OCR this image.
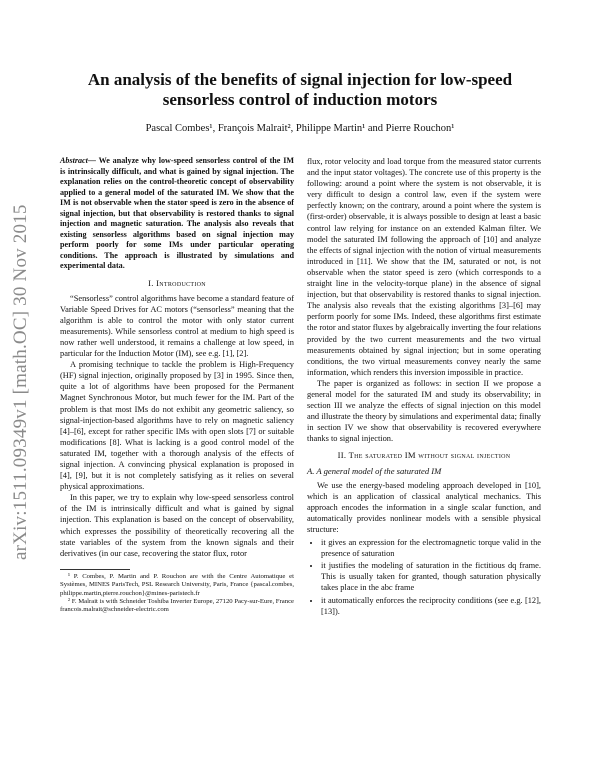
arXiv:1511.09349v1 [math.OC] 30 Nov 2015
An analysis of the benefits of signal injection for low-speed sensorless control of induction motors
Pascal Combes¹, François Malrait², Philippe Martin¹ and Pierre Rouchon¹
Abstract— We analyze why low-speed sensorless control of the IM is intrinsically difficult, and what is gained by signal injection. The explanation relies on the control-theoretic concept of observability applied to a general model of the saturated IM. We show that the IM is not observable when the stator speed is zero in the absence of signal injection, but that observability is restored thanks to signal injection and magnetic saturation. The analysis also reveals that existing sensorless algorithms based on signal injection may perform poorly for some IMs under particular operating conditions. The approach is illustrated by simulations and experimental data.
I. Introduction

“Sensorless” control algorithms have become a standard feature of Variable Speed Drives for AC motors (“sensorless” meaning that the algorithm is able to control the motor with only stator current measurements). While sensorless control at medium to high speed is now rather well understood, it remains a challenge at low speed, in particular for the Induction Motor (IM), see e.g. [1], [2].

A promising technique to tackle the problem is High-Frequency (HF) signal injection, originally proposed by [3] in 1995. Since then, quite a lot of algorithms have been proposed for the Permanent Magnet Synchronous Motor, but much fewer for the IM. Part of the problem is that most IMs do not exhibit any geometric saliency, so signal-injection-based algorithms have to rely on magnetic saliency [4]–[6], except for rather specific IMs with open slots [7] or suitable modifications [8]. What is lacking is a good control model of the saturated IM, together with a thorough analysis of the effects of signal injection. A convincing physical explanation is proposed in [4], [9], but it is not completely satisfying as it relies on several physical approximations.

In this paper, we try to explain why low-speed sensorless control of the IM is intrinsically difficult and what is gained by signal injection. This explanation is based on the concept of observability, which expresses the possibility of theoretically recovering all the state variables of the system from the known signals and their derivatives (in our case, recovering the stator flux, rotor

¹ P. Combes, P. Martin and P. Rouchon are with the Centre Automatique et Systèmes, MINES ParisTech, PSL Research University, Paris, France {pascal.combes, philippe.martin,pierre.rouchon}@mines-paristech.fr

² F. Malrait is with Schneider Toshiba Inverter Europe, 27120 Pacy-sur-Eure, France francois.malrait@schneider-electric.com

flux, rotor velocity and load torque from the measured stator currents and the input stator voltages). The concrete use of this property is the following: around a point where the system is not observable, it is very difficult to design a control law, even if the system were perfectly known; on the contrary, around a point where the system is (first-order) observable, it is always possible to design at least a basic control law relying for instance on an extended Kalman filter. We model the saturated IM following the approach of [10] and analyze the effects of signal injection with the notion of virtual measurements introduced in [11]. We show that the IM, saturated or not, is not observable when the stator speed is zero (which corresponds to a straight line in the velocity-torque plane) in the absence of signal injection, but that observability is restored thanks to signal injection. The analysis also reveals that the existing algorithms [3]–[6] may perform poorly for some IMs. Indeed, these algorithms first estimate the rotor and stator fluxes by algebraically inverting the four relations provided by the two current measurements and the two virtual measurements obtained by signal injection; but in some operating conditions, the two virtual measurements convey nearly the same information, which renders this inversion impossible in practice.

The paper is organized as follows: in section II we propose a general model for the saturated IM and study its observability; in section III we analyze the effects of signal injection on this model and illustrate the theory by simulations and experimental data; finally in section IV we show that observability is recovered everywhere thanks to signal injection.

II. The saturated IM without signal injection
A. A general model of the saturated IM

We use the energy-based modeling approach developed in [10], which is an application of classical analytical mechanics. This approach encodes the information in a single scalar function, and automatically provides nonlinear models with a sensible physical structure:

• it gives an expression for the electromagnetic torque valid in the presence of saturation
• it justifies the modeling of saturation in the fictitious dq frame. This is usually taken for granted, though saturation physically takes place in the abc frame
• it automatically enforces the reciprocity conditions (see e.g. [12], [13]).
